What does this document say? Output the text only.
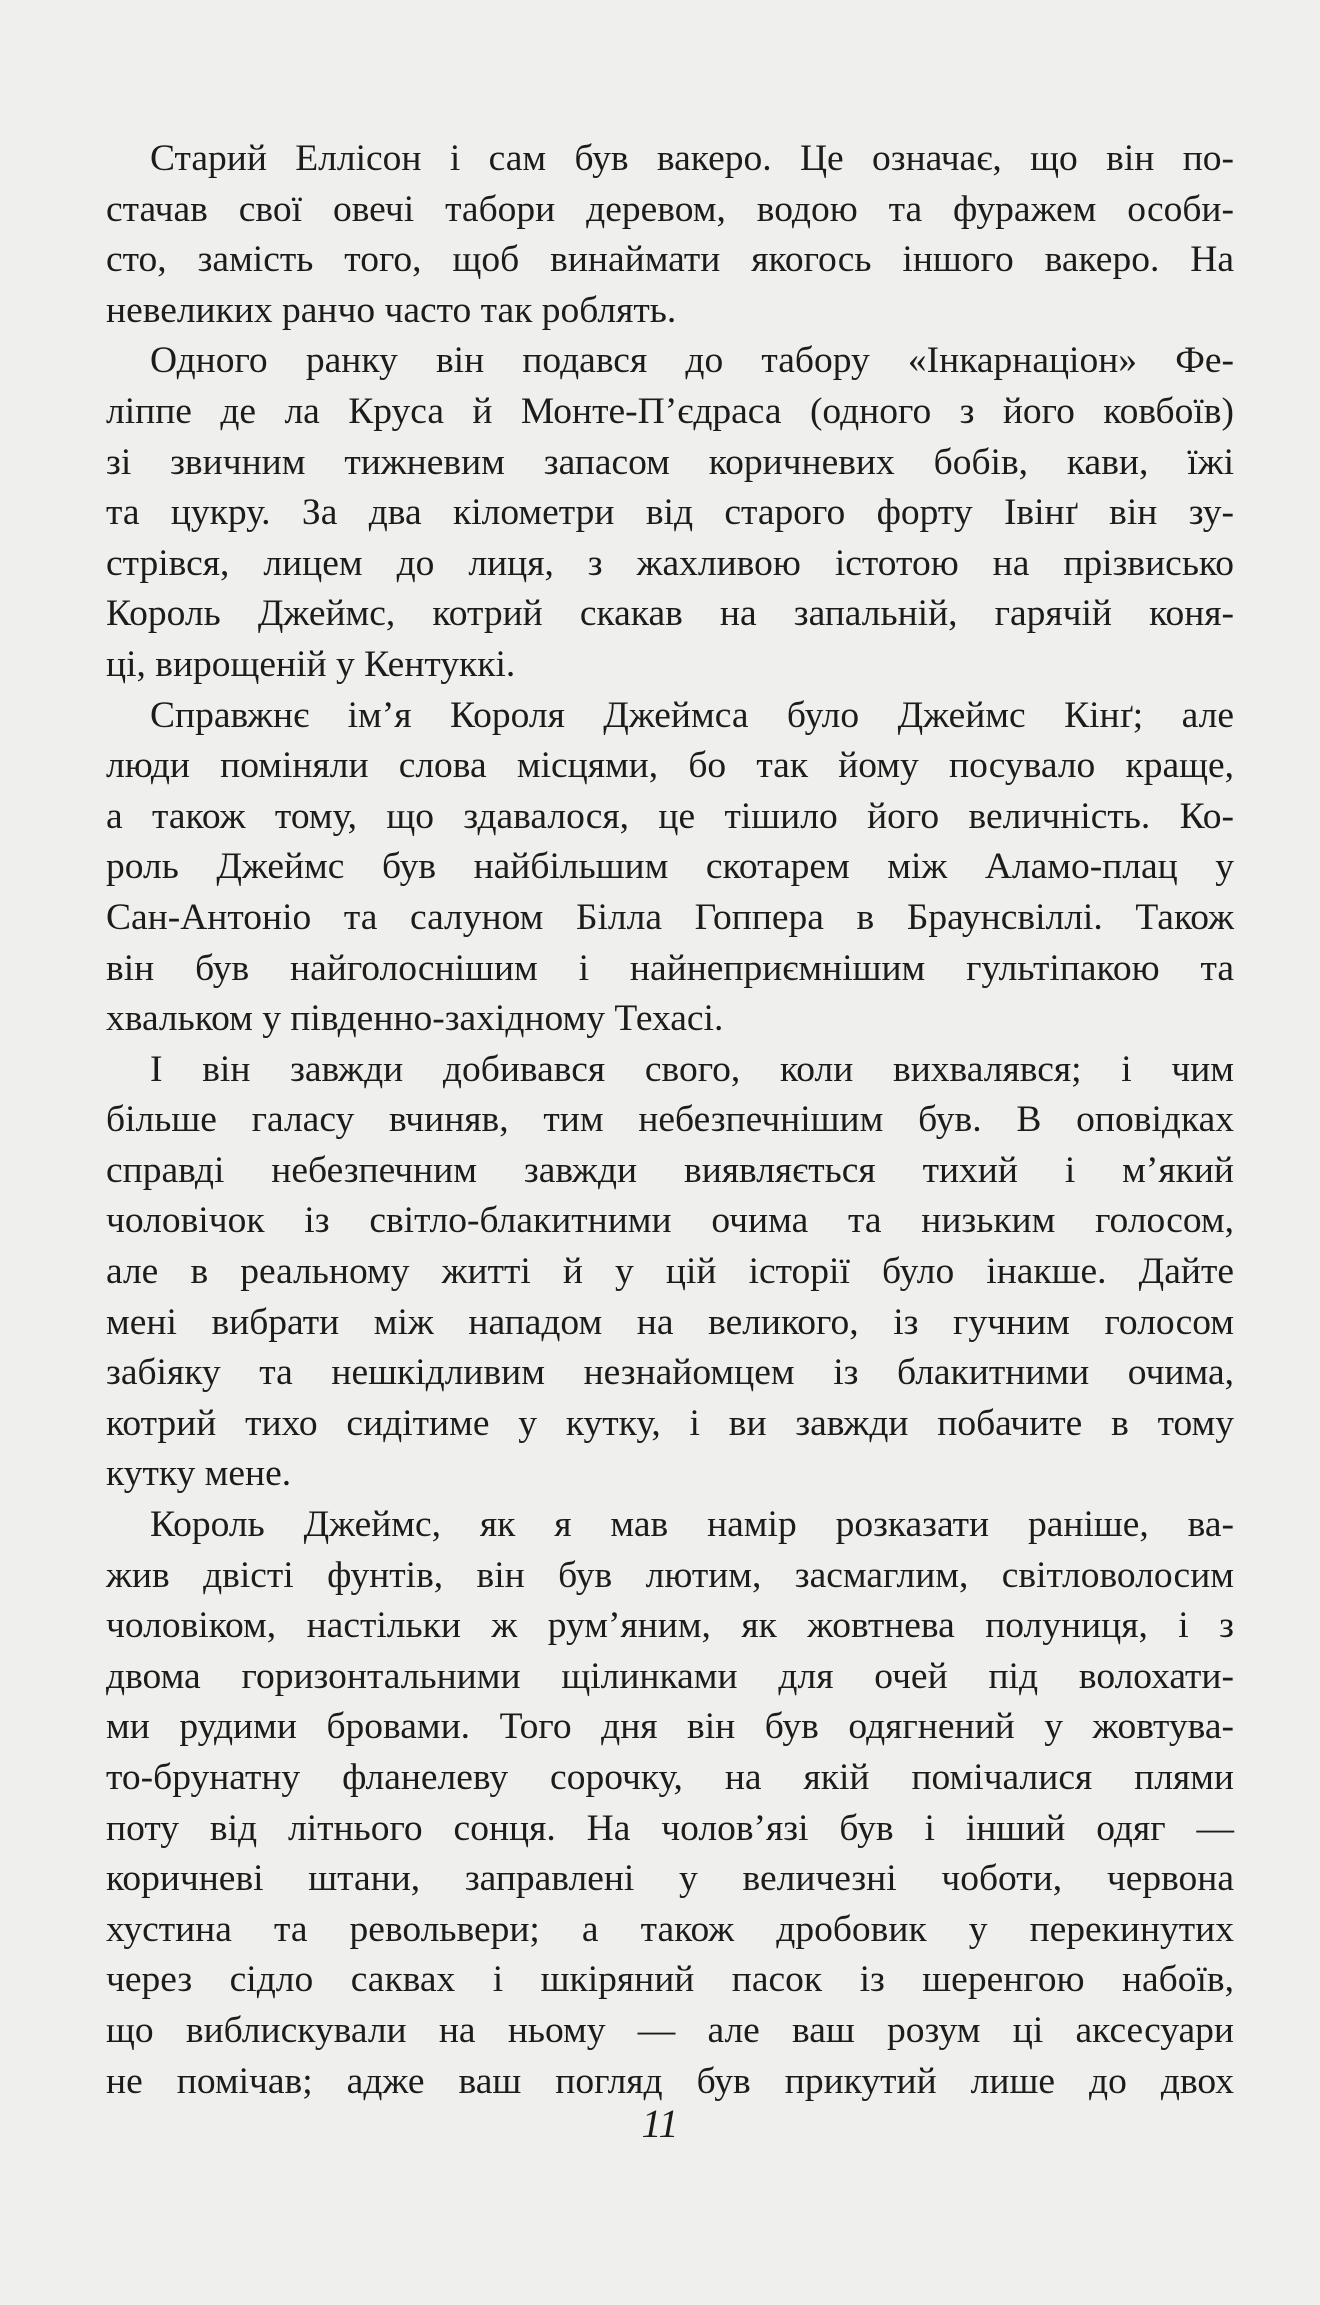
Старий Еллісон і сам був вакеро. Це означає, що він по-
стачав свої овечі табори деревом, водою та фуражем особи-
сто, замість того, щоб винаймати якогось іншого вакеро. На
невеликих ранчо часто так роблять.
Одного ранку він подався до табору «Інкарнаціон» Фе-
ліппе де ла Круса й Монте-П’єдраса (одного з його ковбоїв)
зі звичним тижневим запасом коричневих бобів, кави, їжі
та цукру. За два кілометри від старого форту Івінґ він зу-
стрівся, лицем до лиця, з жахливою істотою на прізвисько
Король Джеймс, котрий скакав на запальній, гарячій коня-
ці, вирощеній у Кентуккі.
Справжнє ім’я Короля Джеймса було Джеймс Кінґ; але
люди поміняли слова місцями, бо так йому посувало краще,
а також тому, що здавалося, це тішило його величність. Ко-
роль Джеймс був найбільшим скотарем між Аламо-плац у
Сан-Антоніо та салуном Білла Гоппера в Браунсвіллі. Також
він був найголоснішим і найнеприємнішим гультіпакою та
хвальком у південно-західному Техасі.
І він завжди добивався свого, коли вихвалявся; і чим
більше галасу вчиняв, тим небезпечнішим був. В оповідках
справді небезпечним завжди виявляється тихий і м’який
чоловічок із світло-блакитними очима та низьким голосом,
але в реальному житті й у цій історії було інакше. Дайте
мені вибрати між нападом на великого, із гучним голосом
забіяку та нешкідливим незнайомцем із блакитними очима,
котрий тихо сидітиме у кутку, і ви завжди побачите в тому
кутку мене.
Король Джеймс, як я мав намір розказати раніше, ва-
жив двісті фунтів, він був лютим, засмаглим, світловолосим
чоловіком, настільки ж рум’яним, як жовтнева полуниця, і з
двома горизонтальними щілинками для очей під волохати-
ми рудими бровами. Того дня він був одягнений у жовтува-
то-брунатну фланелеву сорочку, на якій помічалися плями
поту від літнього сонця. На чолов’язі був і інший одяг —
коричневі штани, заправлені у величезні чоботи, червона
хустина та револьвери; а також дробовик у перекинутих
через сідло саквах і шкіряний пасок із шеренгою набоїв,
що виблискували на ньому — але ваш розум ці аксесуари
не помічав; адже ваш погляд був прикутий лише до двох
11
